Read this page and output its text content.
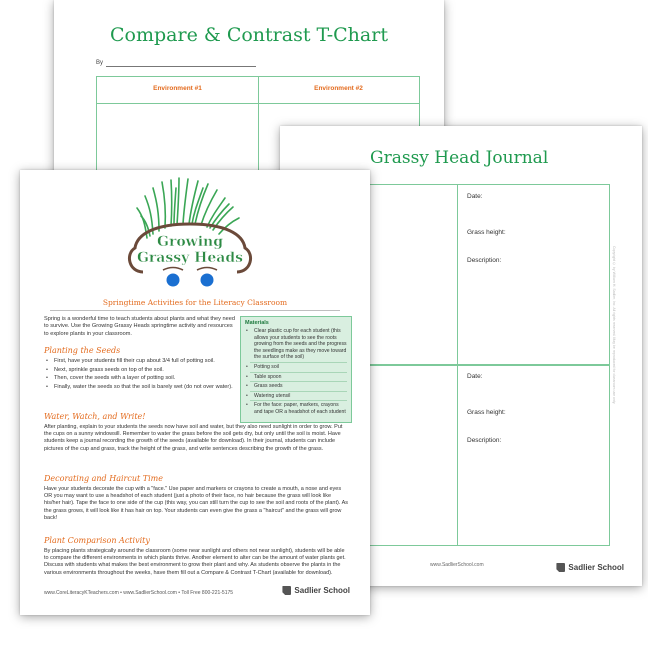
Compare & Contrast T-Chart
By
Environment #1	Environment #2
Grassy Head Journal
Date:
Grass height:
Description:
Date:
Grass height:
Description:
Copyright © by William H. Sadlier, Inc. All rights reserved. May be reproduced for classroom use only.
www.SadlierSchool.com	Sadlier School
Growing
Grassy Heads
Springtime Activities for the Literacy Classroom
Spring is a wonderful time to teach students about plants and what they need to survive. Use the Growing Grassy Heads springtime activity and resources to explore plants in your classroom.
Planting the Seeds
• First, have your students fill their cup about 3/4 full of potting soil.
• Next, sprinkle grass seeds on top of the soil.
• Then, cover the seeds with a layer of potting soil.
• Finally, water the seeds so that the soil is barely wet (do not over water).
Water, Watch, and Write!
After planting, explain to your students the seeds now have soil and water, but they also need sunlight in order to grow. Put the cups on a sunny windowsill. Remember to water the grass before the soil gets dry, but only until the soil is moist. Have students keep a journal recording the growth of the seeds (available for download). In their journal, students can include pictures of the cup and grass, track the height of the grass, and write sentences describing the growth of the grass.
Decorating and Haircut Time
Have your students decorate the cup with a "face." Use paper and markers or crayons to create a mouth, a nose and eyes OR you may want to use a headshot of each student (just a photo of their face, no hair because the grass will look like his/her hair). Tape the face to one side of the cup (this way, you can still turn the cup to see the soil and roots of the plant). As the grass grows, it will look like it has hair on top. Your students can even give the grass a "haircut" and the grass will grow back!
Plant Comparison Activity
By placing plants strategically around the classroom (some near sunlight and others not near sunlight), students will be able to compare the different environments in which plants thrive. Another element to alter can be the amount of water plants get. Discuss with students what makes the best environment to grow their plant and why. As students observe the plants in the various environments throughout the weeks, have them fill out a Compare & Contrast T-Chart (available for download).
Materials
• Clear plastic cup for each student (this allows your students to see the roots growing from the seeds and the progress the seedlings make as they move toward the surface of the soil)
• Potting soil
• Table spoon
• Grass seeds
• Watering utensil
• For the face: paper, markers, crayons and tape OR a headshot of each student
www.CoreLiteracyKTeachers.com • www.SadlierSchool.com • Toll Free 800-221-5175	Sadlier School
